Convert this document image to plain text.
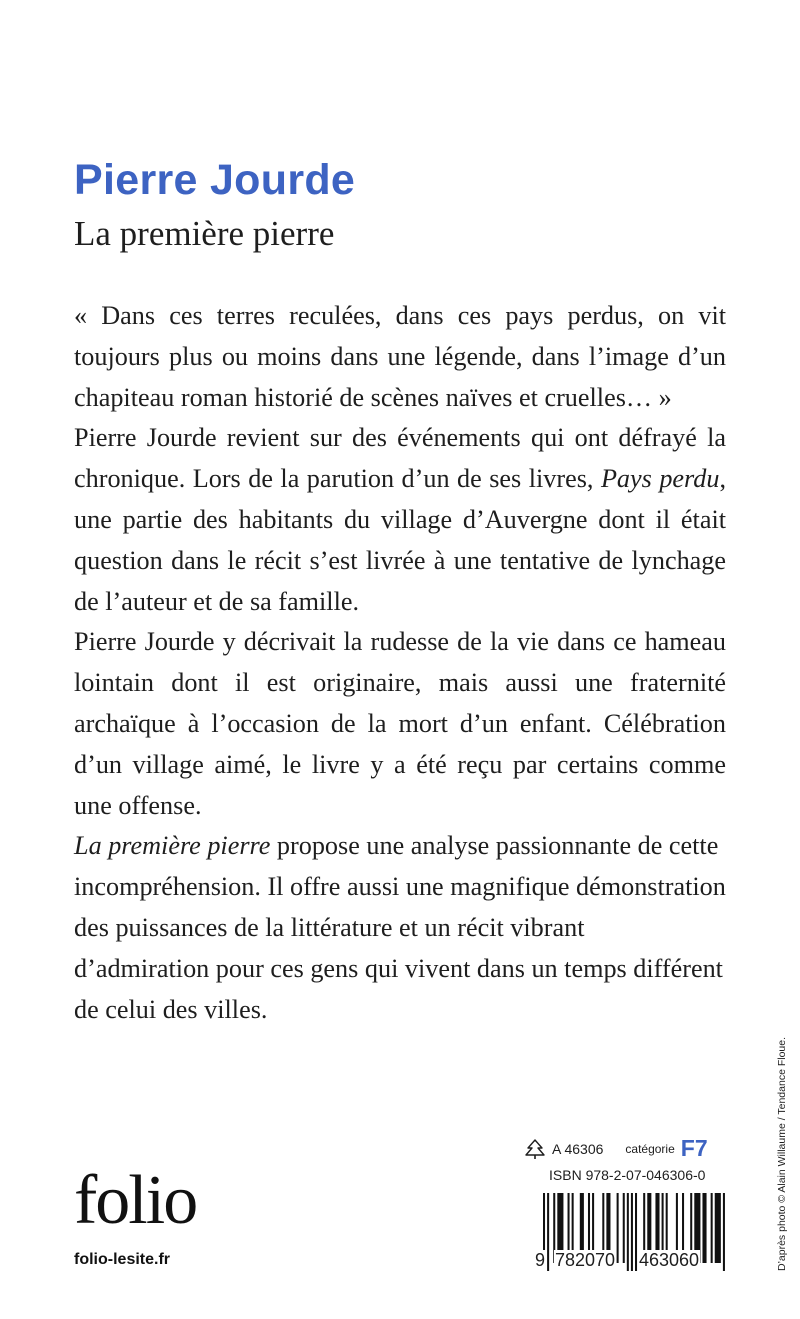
Pierre Jourde
La première pierre

« Dans ces terres reculées, dans ces pays perdus, on vit toujours plus ou moins dans une légende, dans l’image d’un chapiteau roman historié de scènes naïves et cruelles… »

Pierre Jourde revient sur des événements qui ont défrayé la chronique. Lors de la parution d’un de ses livres, Pays perdu, une partie des habitants du village d’Auvergne dont il était question dans le récit s’est livrée à une tentative de lynchage de l’auteur et de sa famille.

Pierre Jourde y décrivait la rudesse de la vie dans ce hameau lointain dont il est originaire, mais aussi une fraternité archaïque à l’occasion de la mort d’un enfant. Célébration d’un village aimé, le livre y a été reçu par certains comme une offense.

La première pierre propose une analyse passionnante de cette incompréhension. Il offre aussi une magnifique démonstration des puissances de la littérature et un récit vibrant d’admiration pour ces gens qui vivent dans un temps différent de celui des villes.

D’après photo © Alain Willaume / Tendance Floue.
A 46306 catégorie F7
ISBN 978-2-07-046306-0
9 782070 463060
folio
folio-lesite.fr
